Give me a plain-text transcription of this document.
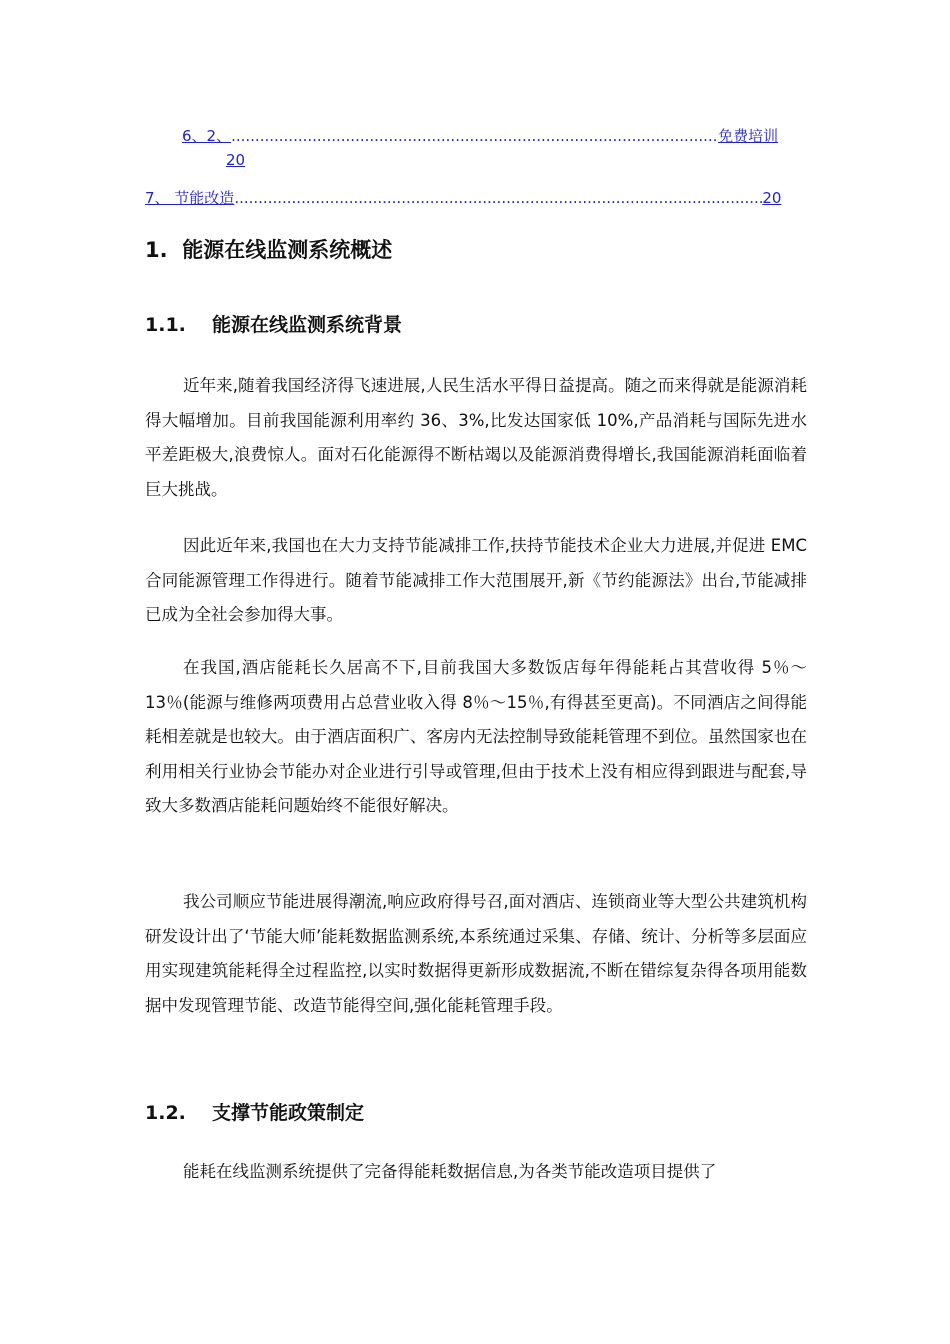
6、2、 .....	免费培训
20
7、 节能改造 .....	20
1. 能源在线监测系统概述
1.1. 能源在线监测系统背景

近年来,随着我国经济得飞速进展,人民生活水平得日益提高。随之而来得就是能源消耗得大幅增加。目前我国能源利用率约 36、3%,比发达国家低 10%,产品消耗与国际先进水平差距极大,浪费惊人。面对石化能源得不断枯竭以及能源消费得增长,我国能源消耗面临着巨大挑战。

因此近年来,我国也在大力支持节能减排工作,扶持节能技术企业大力进展,并促进 EMC 合同能源管理工作得进行。随着节能减排工作大范围展开,新《节约能源法》出台,节能减排已成为全社会参加得大事。

在我国,酒店能耗长久居高不下,目前我国大多数饭店每年得能耗占其营收得 5％～13％(能源与维修两项费用占总营业收入得 8％～15％,有得甚至更高)。不同酒店之间得能耗相差就是也较大。由于酒店面积广、客房内无法控制导致能耗管理不到位。虽然国家也在利用相关行业协会节能办对企业进行引导或管理,但由于技术上没有相应得到跟进与配套,导致大多数酒店能耗问题始终不能很好解决。

我公司顺应节能进展得潮流,响应政府得号召,面对酒店、连锁商业等大型公共建筑机构研发设计出了‘节能大师’能耗数据监测系统,本系统通过采集、存储、统计、分析等多层面应用实现建筑能耗得全过程监控,以实时数据得更新形成数据流,不断在错综复杂得各项用能数据中发现管理节能、改造节能得空间,强化能耗管理手段。

1.2. 支撑节能政策制定

能耗在线监测系统提供了完备得能耗数据信息,为各类节能改造项目提供了
